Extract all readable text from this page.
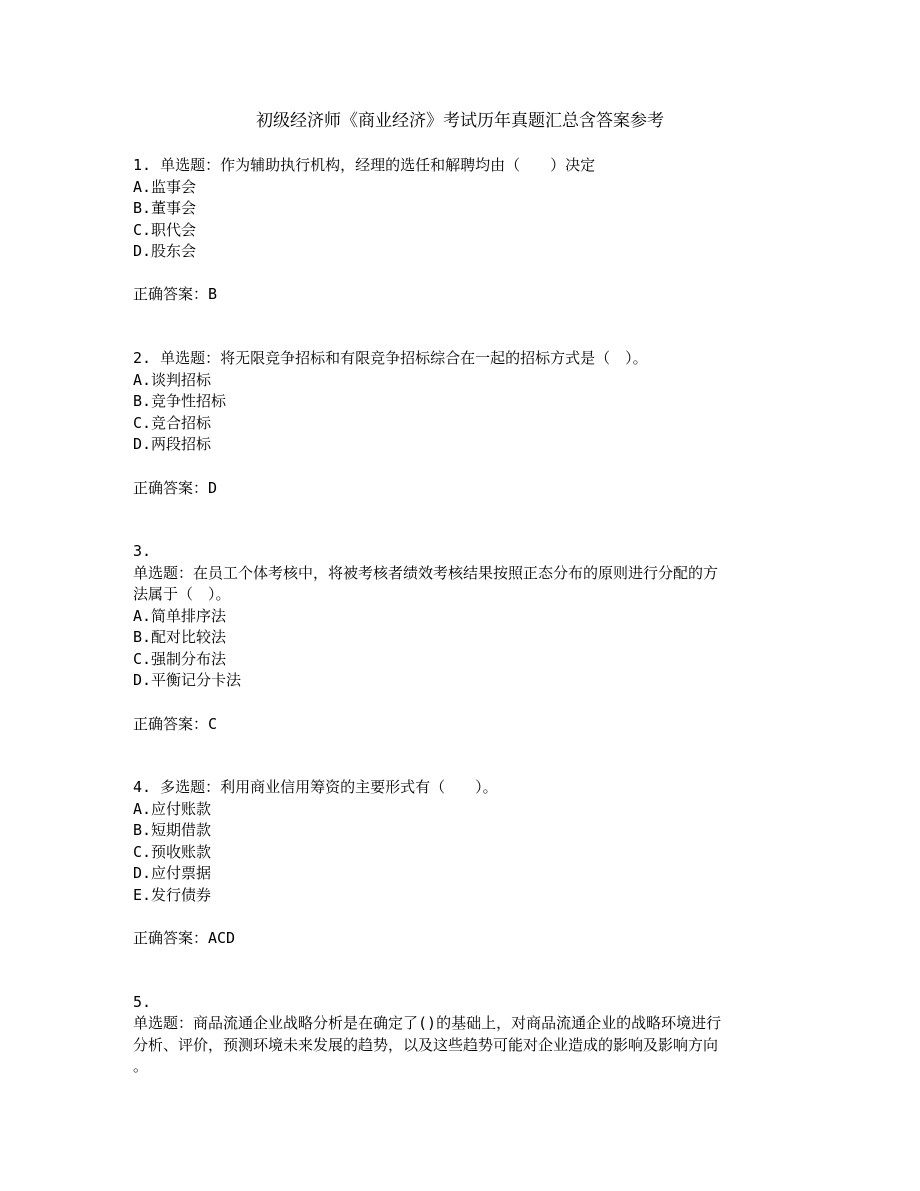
初级经济师《商业经济》考试历年真题汇总含答案参考
1. 单选题：作为辅助执行机构，经理的选任和解聘均由（　　）决定
A.监事会
B.董事会
C.职代会
D.股东会
正确答案：B
2. 单选题：将无限竞争招标和有限竞争招标综合在一起的招标方式是（　）。
A.谈判招标
B.竞争性招标
C.竞合招标
D.两段招标
正确答案：D
3.
单选题：在员工个体考核中，将被考核者绩效考核结果按照正态分布的原则进行分配的方
法属于（　）。
A.简单排序法
B.配对比较法
C.强制分布法
D.平衡记分卡法
正确答案：C
4. 多选题：利用商业信用筹资的主要形式有（　　）。
A.应付账款
B.短期借款
C.预收账款
D.应付票据
E.发行债券
正确答案：ACD
5.
单选题：商品流通企业战略分析是在确定了()的基础上，对商品流通企业的战略环境进行
分析、评价，预测环境未来发展的趋势，以及这些趋势可能对企业造成的影响及影响方向
。
